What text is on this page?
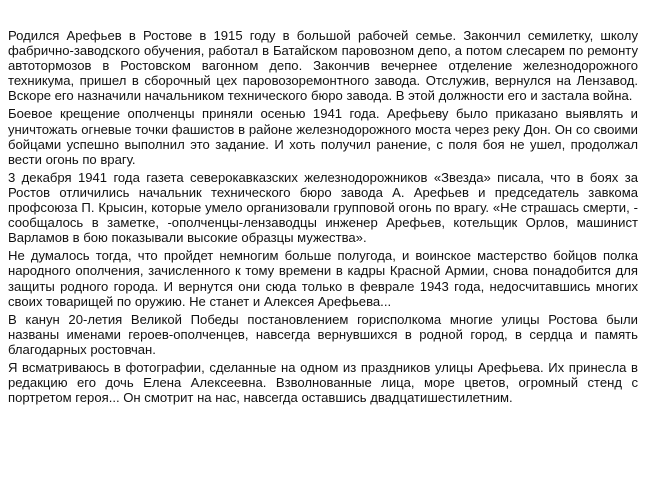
Родился Арефьев в Ростове в 1915 году в большой рабочей семье. Закончил семилетку, школу фабрично-заводского обучения, работал в Батайском паровозном депо, а потом слесарем по ремонту автотормозов в Ростовском вагонном депо. Закончив вечернее отделение железнодорожного техникума, пришел в сборочный цех паровозоремонтного завода. Отслужив, вернулся на Лензавод. Вскоре его назначили начальником технического бюро завода. В этой должности его и застала война.

Боевое крещение ополченцы приняли осенью 1941 года. Арефьеву было приказано выявлять и уничтожать огневые точки фашистов в районе железнодорожного моста через реку Дон. Он со своими бойцами успешно выполнил это задание. И хоть получил ранение, с поля боя не ушел, продолжал вести огонь по врагу.

3 декабря 1941 года газета северокавказских железнодорожников «Звезда» писала, что в боях за Ростов отличились начальник технического бюро завода А. Арефьев и председатель завкома профсоюза П. Крысин, которые умело организовали групповой огонь по врагу. «Не страшась смерти, - сообщалось в заметке, -ополченцы-лензаводцы инженер Арефьев, котельщик Орлов, машинист Варламов в бою показывали высокие образцы мужества».

Не думалось тогда, что пройдет немногим больше полугода, и воинское мастерство бойцов полка народного ополчения, зачисленного к тому времени в кадры Красной Армии, снова понадобится для защиты родного города. И вернутся они сюда только в феврале 1943 года, недосчитавшись многих своих товарищей по оружию. Не станет и Алексея Арефьева...

В канун 20-летия Великой Победы постановлением горисполкома многие улицы Ростова были названы именами героев-ополченцев, навсегда вернувшихся в родной город, в сердца и память благодарных ростовчан.

Я всматриваюсь в фотографии, сделанные на одном из праздников улицы Арефьева. Их принесла в редакцию его дочь Елена Алексеевна. Взволнованные лица, море цветов, огромный стенд с портретом героя... Он смотрит на нас, навсегда оставшись двадцатишестилетним.
